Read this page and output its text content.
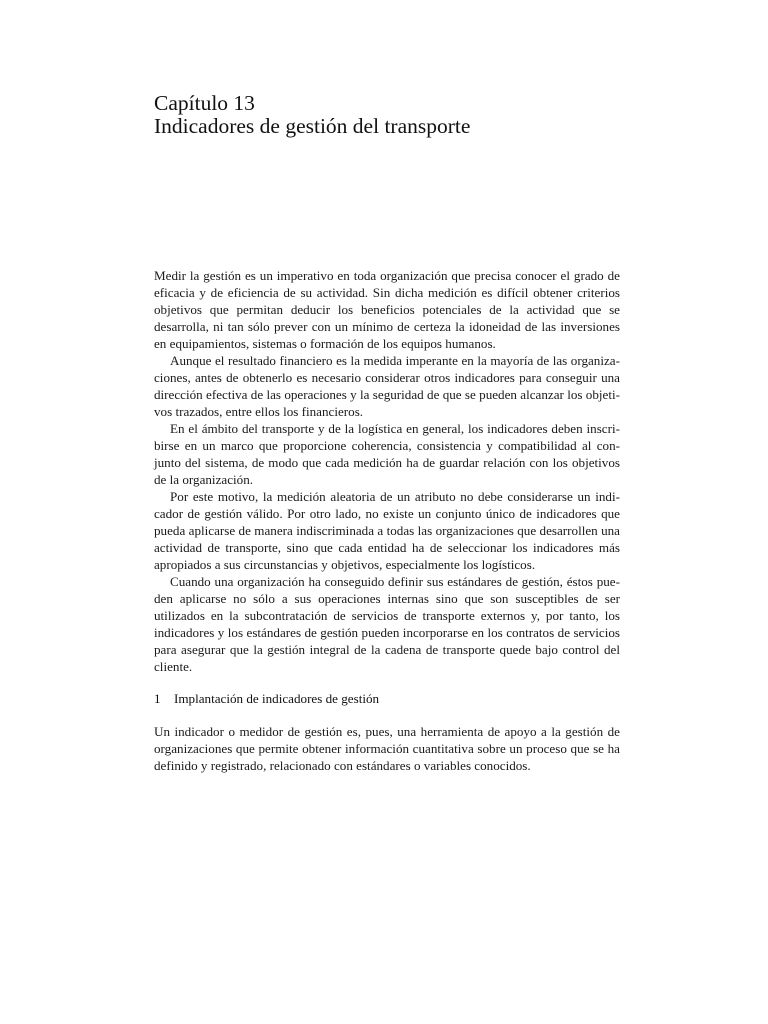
Capítulo 13
Indicadores de gestión del transporte

Medir la gestión es un imperativo en toda organización que precisa conocer el grado de eficacia y de eficiencia de su actividad. Sin dicha medición es difícil obtener criterios objetivos que permitan deducir los beneficios potenciales de la actividad que se desarrolla, ni tan sólo prever con un mínimo de certeza la idoneidad de las inversiones en equipamientos, sistemas o formación de los equipos humanos.

Aunque el resultado financiero es la medida imperante en la mayoría de las organizaciones, antes de obtenerlo es necesario considerar otros indicadores para conseguir una dirección efectiva de las operaciones y la seguridad de que se pueden alcanzar los objetivos trazados, entre ellos los financieros.

En el ámbito del transporte y de la logística en general, los indicadores deben inscribirse en un marco que proporcione coherencia, consistencia y compatibilidad al conjunto del sistema, de modo que cada medición ha de guardar relación con los objetivos de la organización.

Por este motivo, la medición aleatoria de un atributo no debe considerarse un indicador de gestión válido. Por otro lado, no existe un conjunto único de indicadores que pueda aplicarse de manera indiscriminada a todas las organizaciones que desarrollen una actividad de transporte, sino que cada entidad ha de seleccionar los indicadores más apropiados a sus circunstancias y objetivos, especialmente los logísticos.

Cuando una organización ha conseguido definir sus estándares de gestión, éstos pueden aplicarse no sólo a sus operaciones internas sino que son susceptibles de ser utilizados en la subcontratación de servicios de transporte externos y, por tanto, los indicadores y los estándares de gestión pueden incorporarse en los contratos de servicios para asegurar que la gestión integral de la cadena de transporte quede bajo control del cliente.

1 Implantación de indicadores de gestión

Un indicador o medidor de gestión es, pues, una herramienta de apoyo a la gestión de organizaciones que permite obtener información cuantitativa sobre un proceso que se ha definido y registrado, relacionado con estándares o variables conocidos.
